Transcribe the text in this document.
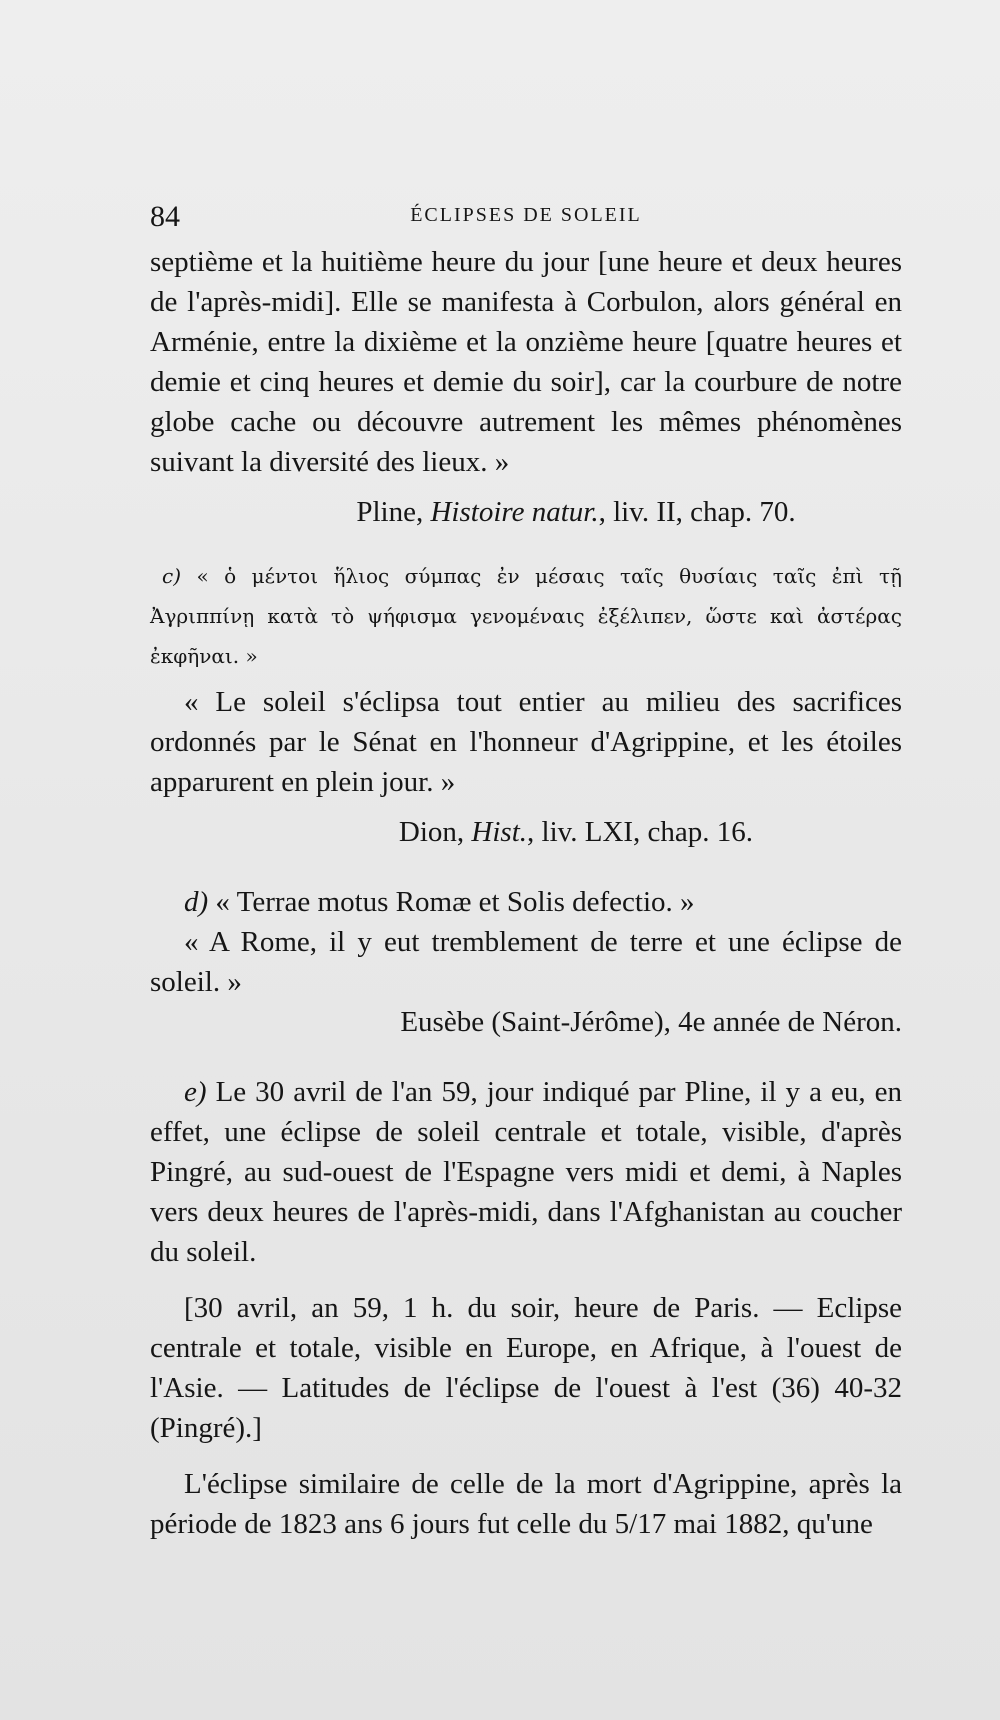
84	ÉCLIPSES DE SOLEIL

septième et la huitième heure du jour [une heure et deux heures de l'après-midi]. Elle se manifesta à Corbulon, alors général en Arménie, entre la dixième et la onzième heure [quatre heures et demie et cinq heures et demie du soir], car la courbure de notre globe cache ou découvre autrement les mêmes phénomènes suivant la diversité des lieux. »

Pline, Histoire natur., liv. II, chap. 70.

c) « ὁ μέντοι ἥλιος σύμπας ἐν μέσαις ταῖς θυσίαις ταῖς ἐπὶ τῇ Ἀγριππίνῃ κατὰ τὸ ψήφισμα γενομέναις ἐξέλιπεν, ὥστε καὶ ἀστέρας ἐκφῆναι. »

« Le soleil s'éclipsa tout entier au milieu des sacrifices ordonnés par le Sénat en l'honneur d'Agrippine, et les étoiles apparurent en plein jour. »

Dion, Hist., liv. LXI, chap. 16.

d) « Terrae motus Romæ et Solis defectio. »

« A Rome, il y eut tremblement de terre et une éclipse de soleil. »

Eusèbe (Saint-Jérôme), 4e année de Néron.

e) Le 30 avril de l'an 59, jour indiqué par Pline, il y a eu, en effet, une éclipse de soleil centrale et totale, visible, d'après Pingré, au sud-ouest de l'Espagne vers midi et demi, à Naples vers deux heures de l'après-midi, dans l'Afghanistan au coucher du soleil.

[30 avril, an 59, 1 h. du soir, heure de Paris. — Eclipse centrale et totale, visible en Europe, en Afrique, à l'ouest de l'Asie. — Latitudes de l'éclipse de l'ouest à l'est (36) 40-32 (Pingré).]

L'éclipse similaire de celle de la mort d'Agrippine, après la période de 1823 ans 6 jours fut celle du 5/17 mai 1882, qu'une
